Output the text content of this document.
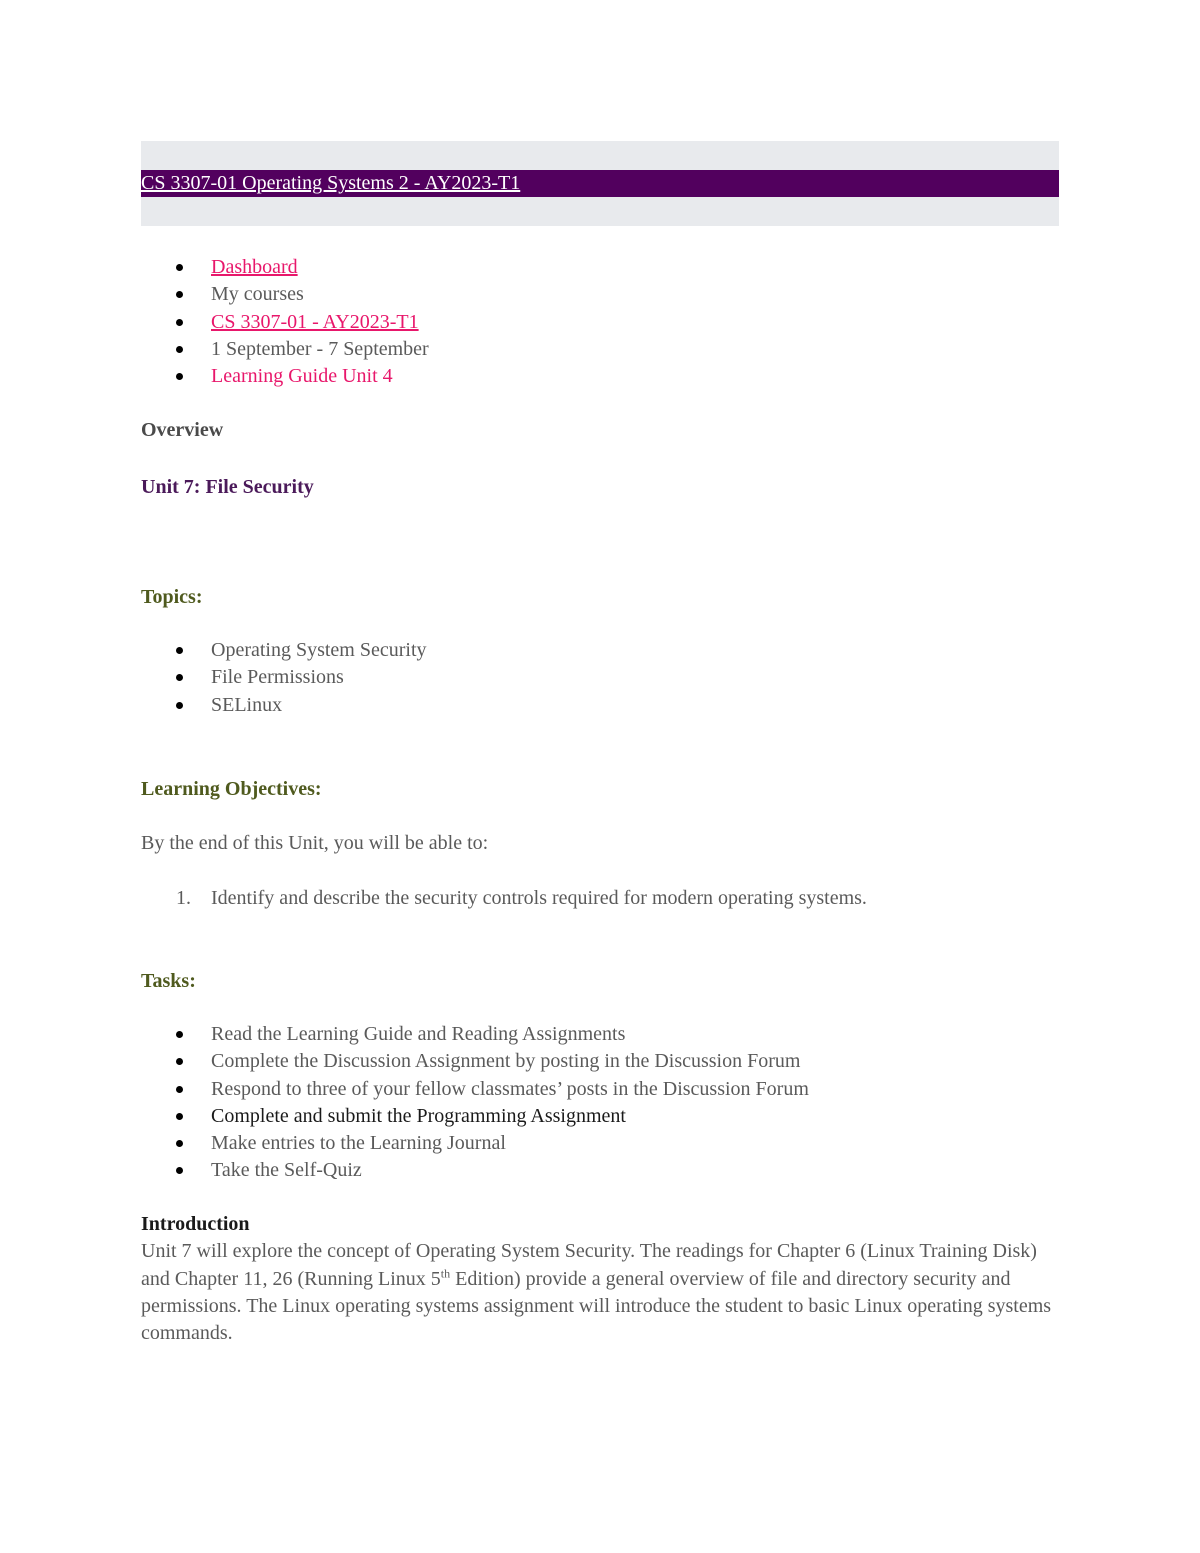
CS 3307-01 Operating Systems 2 - AY2023-T1
Dashboard
My courses
CS 3307-01 - AY2023-T1
1 September - 7 September
Learning Guide Unit 4
Overview
Unit 7: File Security
Topics:
Operating System Security
File Permissions
SELinux
Learning Objectives:
By the end of this Unit, you will be able to:
1. Identify and describe the security controls required for modern operating systems.
Tasks:
Read the Learning Guide and Reading Assignments
Complete the Discussion Assignment by posting in the Discussion Forum
Respond to three of your fellow classmates’ posts in the Discussion Forum
Complete and submit the Programming Assignment
Make entries to the Learning Journal
Take the Self-Quiz
Introduction
Unit 7 will explore the concept of Operating System Security. The readings for Chapter 6 (Linux Training Disk) and Chapter 11, 26 (Running Linux 5th Edition) provide a general overview of file and directory security and permissions. The Linux operating systems assignment will introduce the student to basic Linux operating systems commands.
